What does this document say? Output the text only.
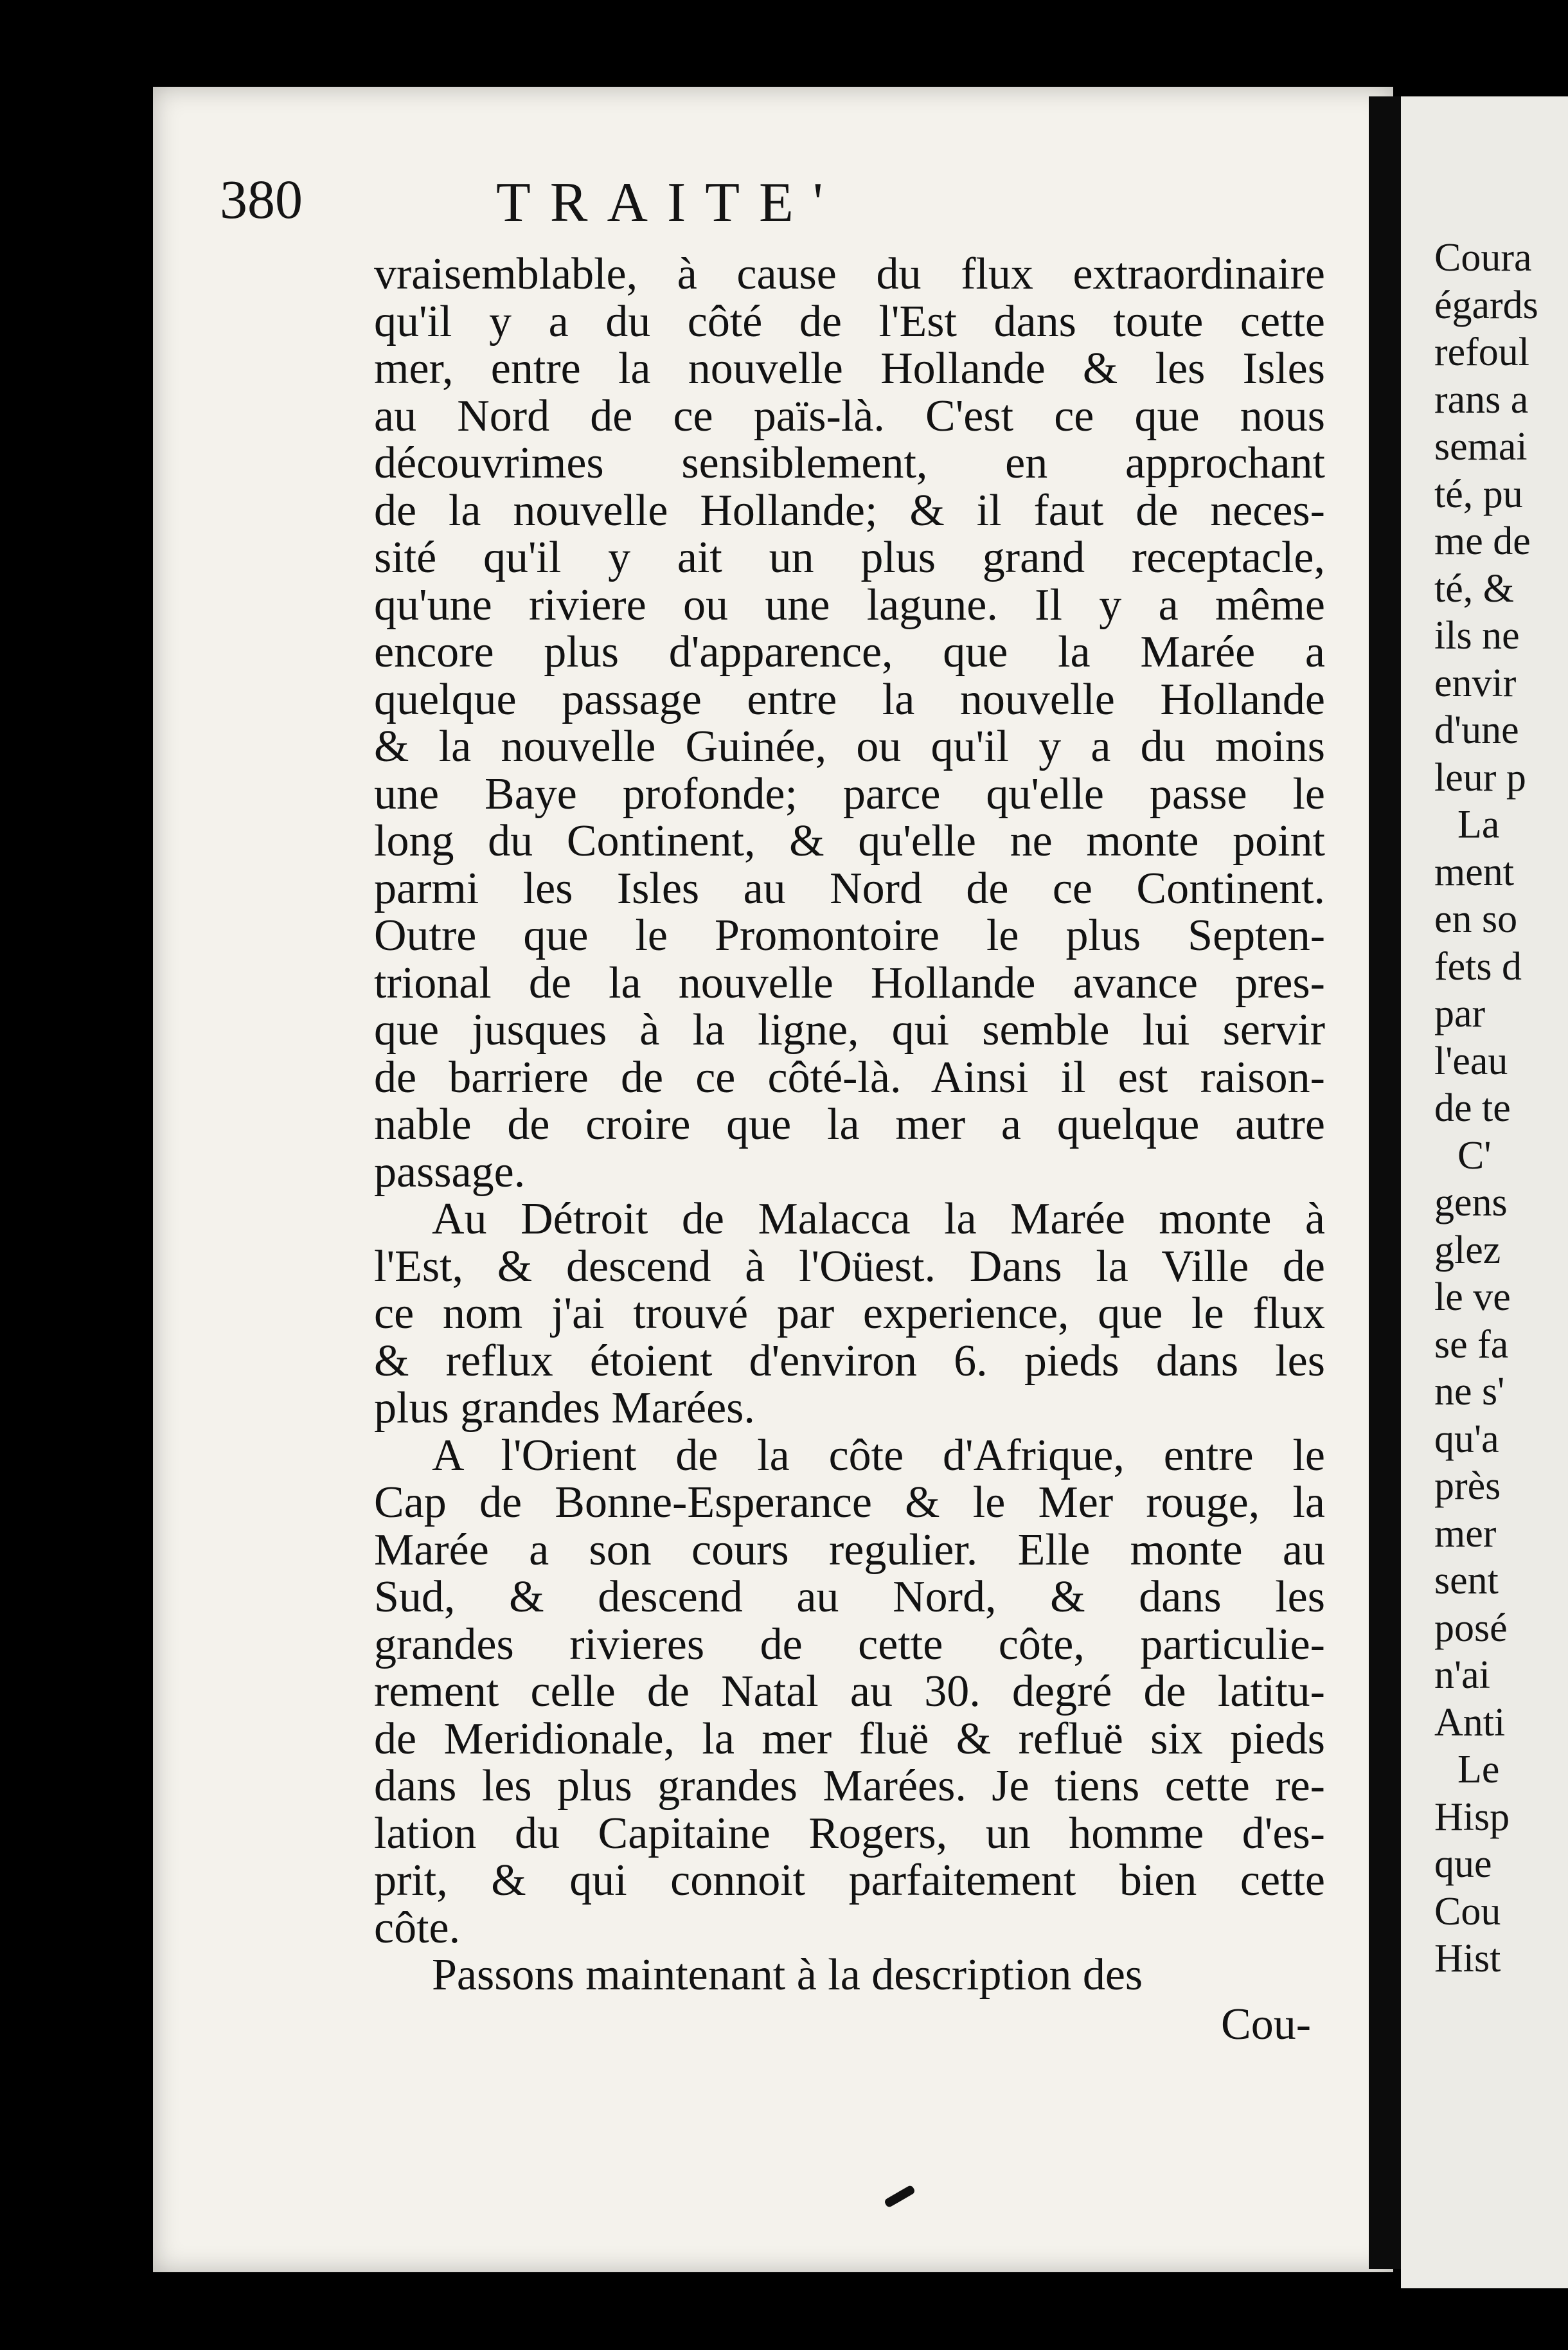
Coura
égards
refoul
rans a
semai
té, pu
me de
té, &
ils ne
envir
d'une
leur p
La
ment
en so
fets d
par
l'eau
de te
C'
gens
glez
le ve
se fa
ne s'
qu'a
près
mer
sent
posé
n'ai
Anti
Le
Hisp
que
Cou
Hist
380	TRAITE'
vraisemblable, à cause du flux extraordinaire
qu'il y a du côté de l'Est dans toute cette
mer, entre la nouvelle Hollande & les Isles
au Nord de ce païs-là. C'est ce que nous
découvrimes sensiblement, en approchant
de la nouvelle Hollande; & il faut de neces-
sité qu'il y ait un plus grand receptacle,
qu'une riviere ou une lagune. Il y a même
encore plus d'apparence, que la Marée a
quelque passage entre la nouvelle Hollande
& la nouvelle Guinée, ou qu'il y a du moins
une Baye profonde; parce qu'elle passe le
long du Continent, & qu'elle ne monte point
parmi les Isles au Nord de ce Continent.
Outre que le Promontoire le plus Septen-
trional de la nouvelle Hollande avance pres-
que jusques à la ligne, qui semble lui servir
de barriere de ce côté-là. Ainsi il est raison-
nable de croire que la mer a quelque autre
passage.
Au Détroit de Malacca la Marée monte à
l'Est, & descend à l'Oüest. Dans la Ville de
ce nom j'ai trouvé par experience, que le flux
& reflux étoient d'environ 6. pieds dans les
plus grandes Marées.
A l'Orient de la côte d'Afrique, entre le
Cap de Bonne-Esperance & le Mer rouge, la
Marée a son cours regulier. Elle monte au
Sud, & descend au Nord, & dans les
grandes rivieres de cette côte, particulie-
rement celle de Natal au 30. degré de latitu-
de Meridionale, la mer fluë & refluë six pieds
dans les plus grandes Marées. Je tiens cette re-
lation du Capitaine Rogers, un homme d'es-
prit, & qui connoit parfaitement bien cette
côte.
Passons maintenant à la description des
Cou-
